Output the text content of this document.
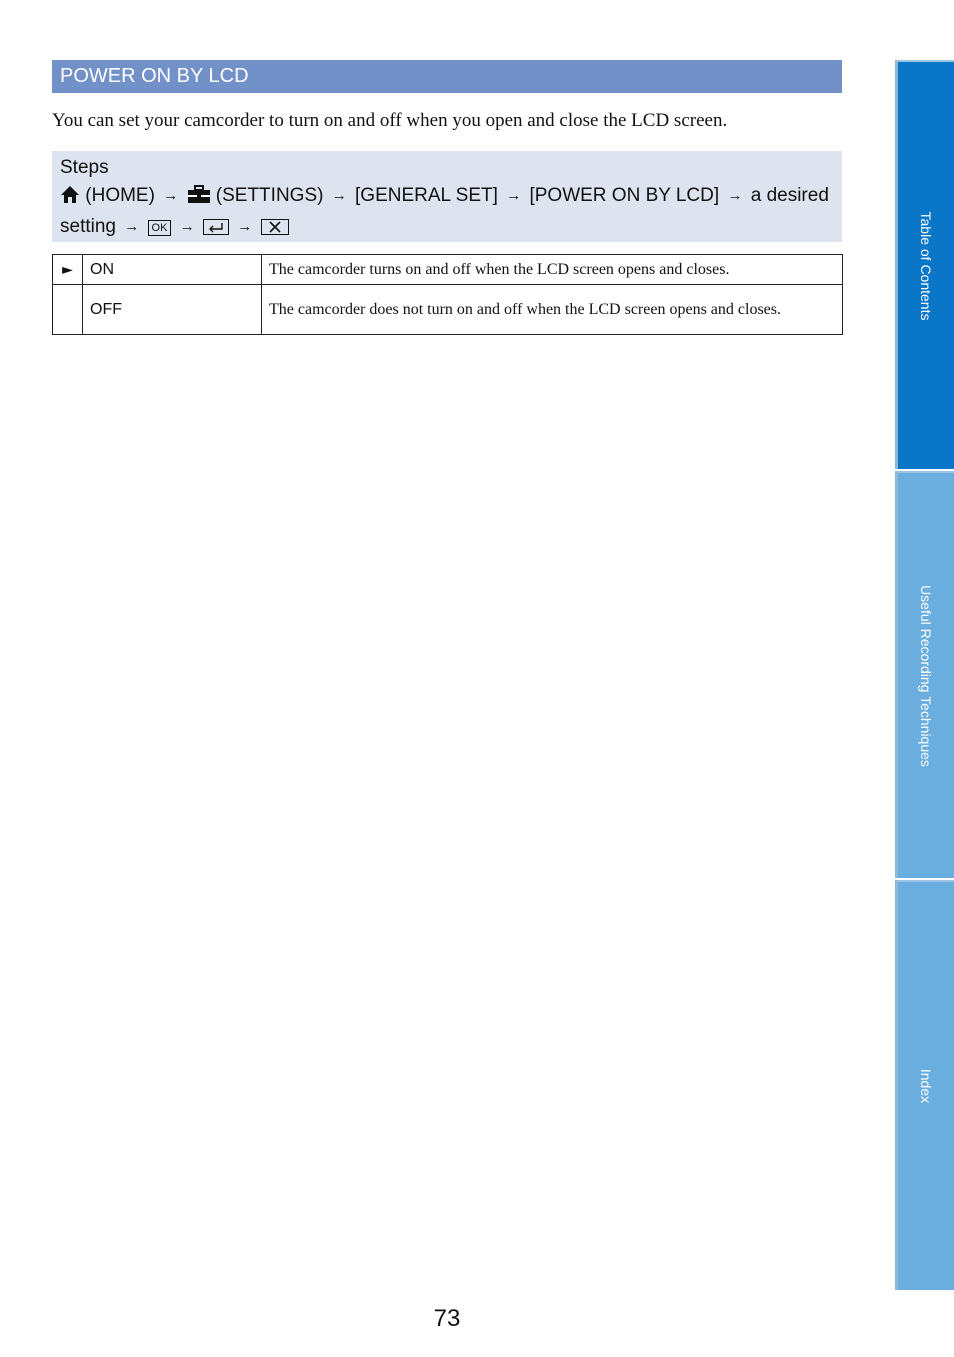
POWER ON BY LCD
You can set your camcorder to turn on and off when you open and close the LCD screen.
Steps
(HOME) → (SETTINGS) → [GENERAL SET] → [POWER ON BY LCD] → a desired
setting → OK →	→
►	ON	The camcorder turns on and off when the LCD screen opens and closes.
	OFF	The camcorder does not turn on and off when the LCD screen opens and closes.	Table of Contents
Useful Recording Techniques
Index
73
